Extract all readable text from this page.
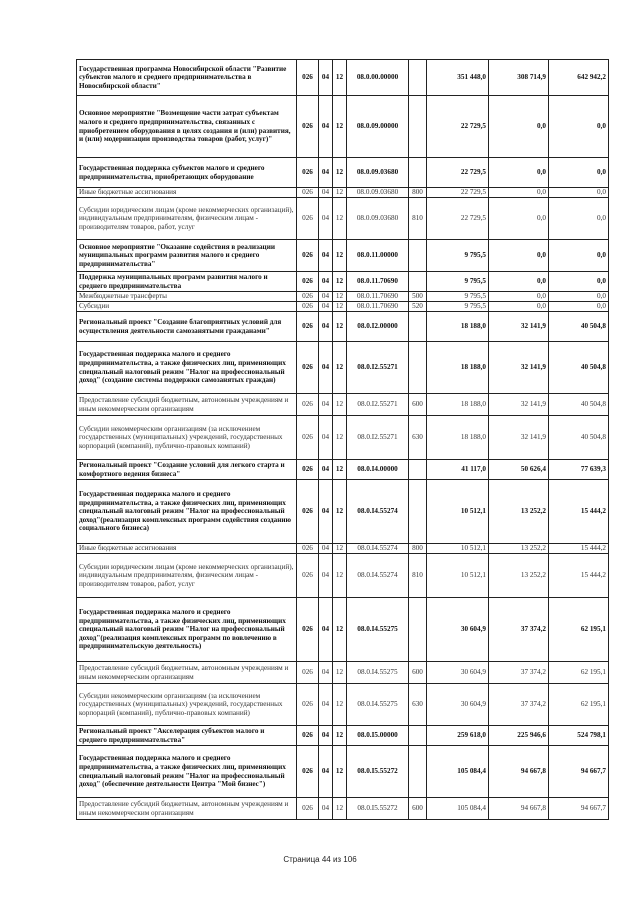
Государственная программа Новосибирской области "Развитие субъектов малого и среднего предпринимательства в Новосибирской области"	026	04	12	08.0.00.00000		351 448,0	308 714,9	642 942,2
Основное мероприятие "Возмещение части затрат субъектам малого и среднего предпринимательства, связанных с приобретением оборудования в целях создания и (или) развития, и (или) модернизации производства товаров (работ, услуг)"	026	04	12	08.0.09.00000		22 729,5	0,0	0,0
Государственная поддержка субъектов малого и среднего предпринимательства, приобретающих оборудование	026	04	12	08.0.09.03680		22 729,5	0,0	0,0
Иные бюджетные ассигнования	026	04	12	08.0.09.03680	800	22 729,5	0,0	0,0
Субсидии юридическим лицам (кроме некоммерческих организаций), индивидуальным предпринимателям, физическим лицам - производителям товаров, работ, услуг	026	04	12	08.0.09.03680	810	22 729,5	0,0	0,0
Основное мероприятие "Оказание содействия в реализации муниципальных программ развития малого и среднего предпринимательства"	026	04	12	08.0.11.00000		9 795,5	0,0	0,0
Поддержка муниципальных программ развития малого и среднего предпринимательства	026	04	12	08.0.11.70690		9 795,5	0,0	0,0
Межбюджетные трансферты	026	04	12	08.0.11.70690	500	9 795,5	0,0	0,0
Субсидии	026	04	12	08.0.11.70690	520	9 795,5	0,0	0,0
Региональный проект "Создание благоприятных условий для осуществления деятельности самозанятыми гражданами"	026	04	12	08.0.I2.00000		18 188,0	32 141,9	40 504,8
Государственная поддержка малого и среднего предпринимательства, а также физических лиц, применяющих специальный налоговый режим "Налог на профессиональный доход" (создание системы поддержки самозанятых граждан)	026	04	12	08.0.I2.55271		18 188,0	32 141,9	40 504,8
Предоставление субсидий бюджетным, автономным учреждениям и иным некоммерческим организациям	026	04	12	08.0.I2.55271	600	18 188,0	32 141,9	40 504,8
Субсидии некоммерческим организациям (за исключением государственных (муниципальных) учреждений, государственных корпораций (компаний), публично-правовых компаний)	026	04	12	08.0.I2.55271	630	18 188,0	32 141,9	40 504,8
Региональный проект "Создание условий для легкого старта и комфортного ведения бизнеса"	026	04	12	08.0.I4.00000		41 117,0	50 626,4	77 639,3
Государственная поддержка малого и среднего предпринимательства, а также физических лиц, применяющих специальный налоговый режим "Налог на профессиональный доход"(реализация комплексных программ содействия созданию социального бизнеса)	026	04	12	08.0.I4.55274		10 512,1	13 252,2	15 444,2
Иные бюджетные ассигнования	026	04	12	08.0.I4.55274	800	10 512,1	13 252,2	15 444,2
Субсидии юридическим лицам (кроме некоммерческих организаций), индивидуальным предпринимателям, физическим лицам - производителям товаров, работ, услуг	026	04	12	08.0.I4.55274	810	10 512,1	13 252,2	15 444,2
Государственная поддержка малого и среднего предпринимательства, а также физических лиц, применяющих специальный налоговый режим "Налог на профессиональный доход"(реализация комплексных программ по вовлечению в предпринимательскую деятельность)	026	04	12	08.0.I4.55275		30 604,9	37 374,2	62 195,1
Предоставление субсидий бюджетным, автономным учреждениям и иным некоммерческим организациям	026	04	12	08.0.I4.55275	600	30 604,9	37 374,2	62 195,1
Субсидии некоммерческим организациям (за исключением государственных (муниципальных) учреждений, государственных корпораций (компаний), публично-правовых компаний)	026	04	12	08.0.I4.55275	630	30 604,9	37 374,2	62 195,1
Региональный проект "Акселерация субъектов малого и среднего предпринимательства"	026	04	12	08.0.I5.00000		259 618,0	225 946,6	524 798,1
Государственная поддержка малого и среднего предпринимательства, а также физических лиц, применяющих специальный налоговый режим "Налог на профессиональный доход" (обеспечение деятельности Центра "Мой бизнес")	026	04	12	08.0.I5.55272		105 084,4	94 667,8	94 667,7
Предоставление субсидий бюджетным, автономным учреждениям и иным некоммерческим организациям	026	04	12	08.0.I5.55272	600	105 084,4	94 667,8	94 667,7
Страница 44 из 106
